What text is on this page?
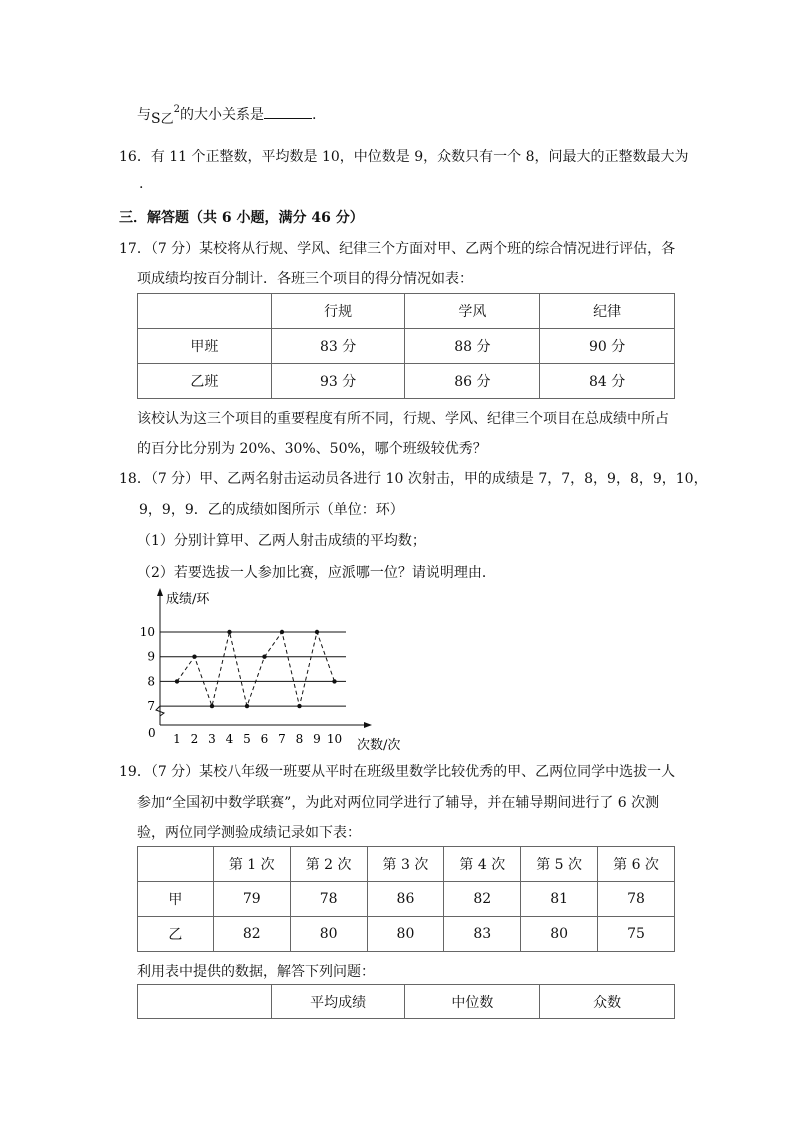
与S乙$^2$的大小关系是	.
16．有 11 个正整数，平均数是 10，中位数是 9，众数只有一个 8，问最大的正整数最大为
.
三．解答题（共 6 小题，满分 46 分）
17．（7 分）某校将从行规、学风、纪律三个方面对甲、乙两个班的综合情况进行评估，各
项成绩均按百分制计．各班三个项目的得分情况如表：
	行规	学风	纪律
甲班	83 分	88 分	90 分
乙班	93 分	86 分	84 分
该校认为这三个项目的重要程度有所不同，行规、学风、纪律三个项目在总成绩中所占
的百分比分别为 20%、30%、50%，哪个班级较优秀？
18．（7 分）甲、乙两名射击运动员各进行 10 次射击，甲的成绩是 7，7，8，9，8，9，10，
9，9，9．乙的成绩如图所示（单位：环）
（1）分别计算甲、乙两人射击成绩的平均数；
（2）若要选拔一人参加比赛，应派哪一位？请说明理由．
成绩/环
次数/次
0
7
8
9
10
1 2 3 4 5 6 7 8 9 10
19．（7 分）某校八年级一班要从平时在班级里数学比较优秀的甲、乙两位同学中选拔一人
参加“全国初中数学联赛”，为此对两位同学进行了辅导，并在辅导期间进行了 6 次测
验，两位同学测验成绩记录如下表：
	第 1 次	第 2 次	第 3 次	第 4 次	第 5 次	第 6 次
甲	79	78	86	82	81	78
乙	82	80	80	83	80	75
利用表中提供的数据，解答下列问题：
	平均成绩	中位数	众数
